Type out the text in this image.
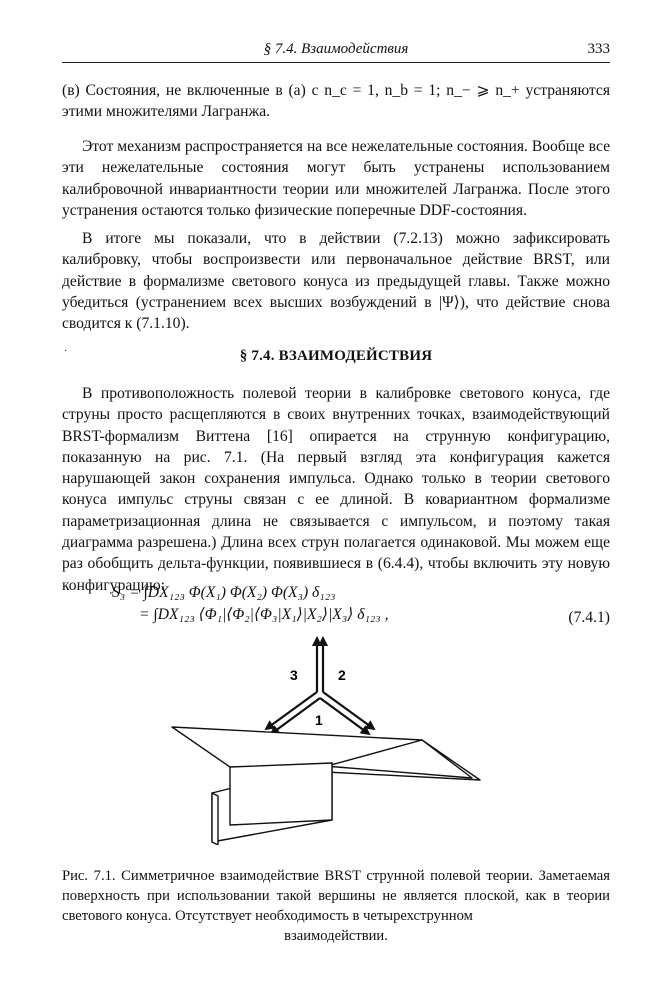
§ 7.4. Взаимодействия	333
(в) Состояния, не включенные в (а) с n_c = 1, n_b = 1; n_− ⩾ n_+ устраняются этими множителями Лагранжа.
Этот механизм распространяется на все нежелательные состояния. Вообще все эти нежелательные состояния могут быть устранены использованием калибровочной инвариантности теории или множителей Лагранжа. После этого устранения остаются только физические поперечные DDF-состояния.
В итоге мы показали, что в действии (7.2.13) можно зафиксировать калибровку, чтобы воспроизвести или первоначальное действие BRST, или действие в формализме светового конуса из предыдущей главы. Также можно убедиться (устранением всех высших возбуждений в |Ψ⟩), что действие снова сводится к (7.1.10).
·	§ 7.4. ВЗАИМОДЕЙСТВИЯ
В противоположность полевой теории в калибровке светового конуса, где струны просто расщепляются в своих внутренних точках, взаимодействующий BRST-формализм Виттена [16] опирается на струнную конфигурацию, показанную на рис. 7.1. (На первый взгляд эта конфигурация кажется нарушающей закон сохранения импульса. Однако только в теории светового конуса импульс струны связан с ее длиной. В ковариантном формализме параметризационная длина не связывается с импульсом, и поэтому такая диаграмма разрешена.) Длина всех струн полагается одинаковой. Мы можем еще раз обобщить дельта-функции, появившиеся в (6.4.4), чтобы включить эту новую конфигурацию:
S₃ = ∫DX₁₂₃ Φ(X₁) Φ(X₂) Φ(X₃) δ₁₂₃
= ∫DX₁₂₃ ⟨Φ₁|⟨Φ₂|⟨Φ₃|X₁⟩|X₂⟩|X₃⟩ δ₁₂₃ ,	(7.4.1)
3	2
1
Рис. 7.1. Симметричное взаимодействие BRST струнной полевой теории. Заметаемая поверхность при использовании такой вершины не является плоской, как в теории светового конуса. Отсутствует необходимость в четырехструнном
взаимодействии.
